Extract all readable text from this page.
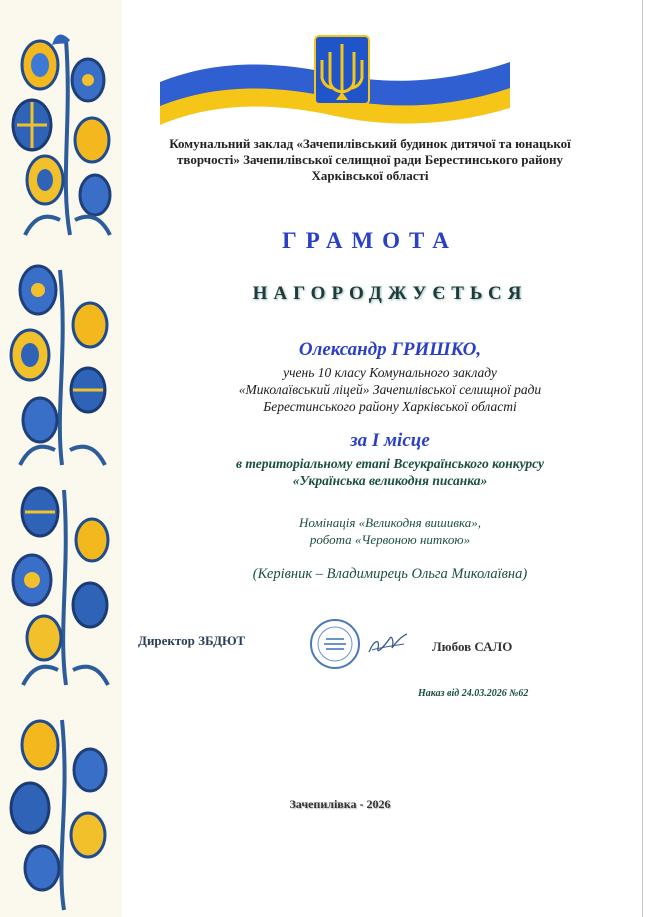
Комунальний заклад «Зачепилівський будинок дитячої та юнацької
творчості» Зачепилівської селищної ради Берестинського району
Харківської області
ГРАМОТА
НАГОРОДЖУЄТЬСЯ
Олександр ГРИШКО,
учень 10 класу Комунального закладу
«Миколаївський ліцей» Зачепилівської селищної ради
Берестинського району Харківської області
за І місце
в територіальному етапі Всеукраїнського конкурсу
«Українська великодня писанка»
Номінація «Великодня вишивка»,
робота «Червоною ниткою»
(Керівник – Владимирець Ольга Миколаївна)
Директор ЗБДЮТ	Любов САЛО
Наказ від 24.03.2026 №62
Зачепилівка - 2026
